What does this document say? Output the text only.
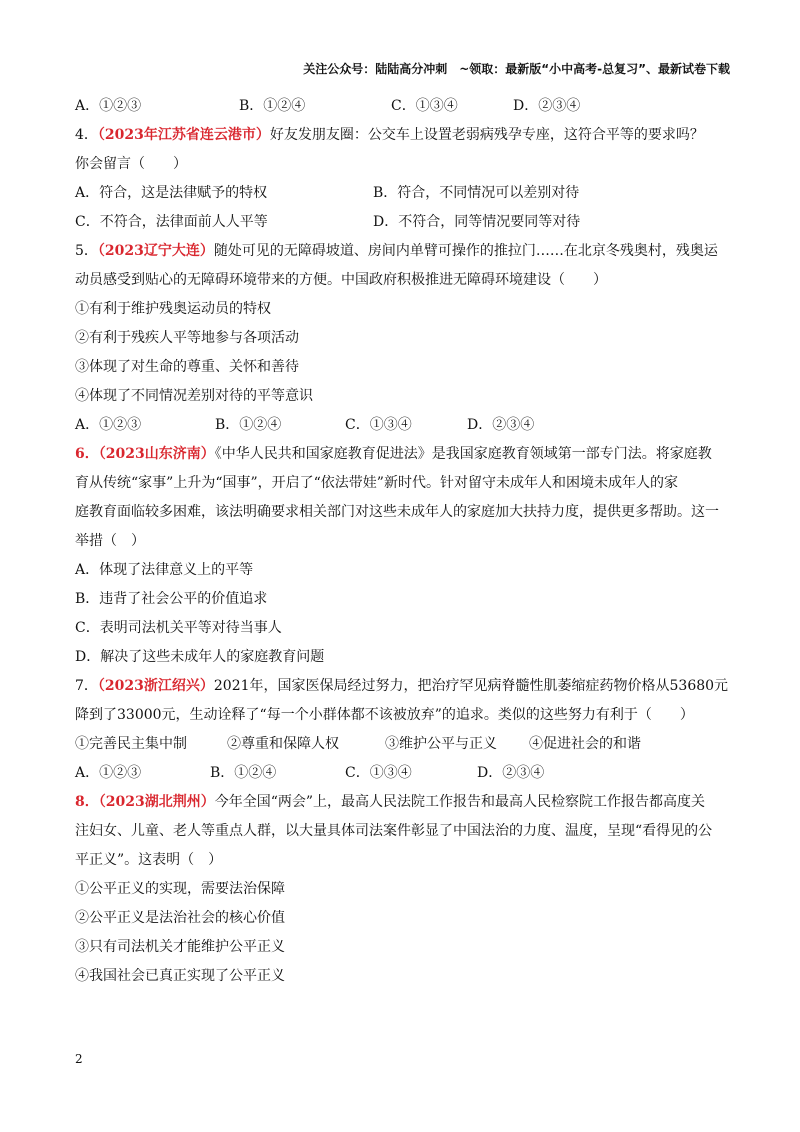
关注公众号：陆陆高分冲刺　~领取：最新版“小中高考-总复习”、最新试卷下载
A．①②③	B．①②④	C．①③④	D．②③④
4．（2023年江苏省连云港市）好友发朋友圈：公交车上设置老弱病残孕专座，这符合平等的要求吗？
你会留言（　　）
A．符合，这是法律赋予的特权	B．符合，不同情况可以差别对待
C．不符合，法律面前人人平等	D．不符合，同等情况要同等对待
5．（2023辽宁大连）随处可见的无障碍坡道、房间内单臂可操作的推拉门……在北京冬残奥村，残奥运
动员感受到贴心的无障碍环境带来的方便。中国政府积极推进无障碍环境建设（　　）
①有利于维护残奥运动员的特权
②有利于残疾人平等地参与各项活动
③体现了对生命的尊重、关怀和善待
④体现了不同情况差别对待的平等意识
A．①②③	B．①②④	C．①③④	D．②③④
6．（2023山东济南）《中华人民共和国家庭教育促进法》是我国家庭教育领域第一部专门法。将家庭教
育从传统“家事”上升为“国事”，开启了“依法带娃”新时代。针对留守未成年人和困境未成年人的家
庭教育面临较多困难，该法明确要求相关部门对这些未成年人的家庭加大扶持力度，提供更多帮助。这一
举措（　）
A．体现了法律意义上的平等
B．违背了社会公平的价值追求
C．表明司法机关平等对待当事人
D．解决了这些未成年人的家庭教育问题
7．（2023浙江绍兴）2021年，国家医保局经过努力，把治疗罕见病脊髓性肌萎缩症药物价格从53680元
降到了33000元，生动诠释了“每一个小群体都不该被放弃”的追求。类似的这些努力有利于（　　）
①完善民主集中制	②尊重和保障人权	③维护公平与正义	④促进社会的和谐
A．①②③	B．①②④	C．①③④	D．②③④
8．（2023湖北荆州）今年全国“两会”上，最高人民法院工作报告和最高人民检察院工作报告都高度关
注妇女、儿童、老人等重点人群，以大量具体司法案件彰显了中国法治的力度、温度，呈现“看得见的公
平正义”。这表明（　）
①公平正义的实现，需要法治保障
②公平正义是法治社会的核心价值
③只有司法机关才能维护公平正义
④我国社会已真正实现了公平正义
2
